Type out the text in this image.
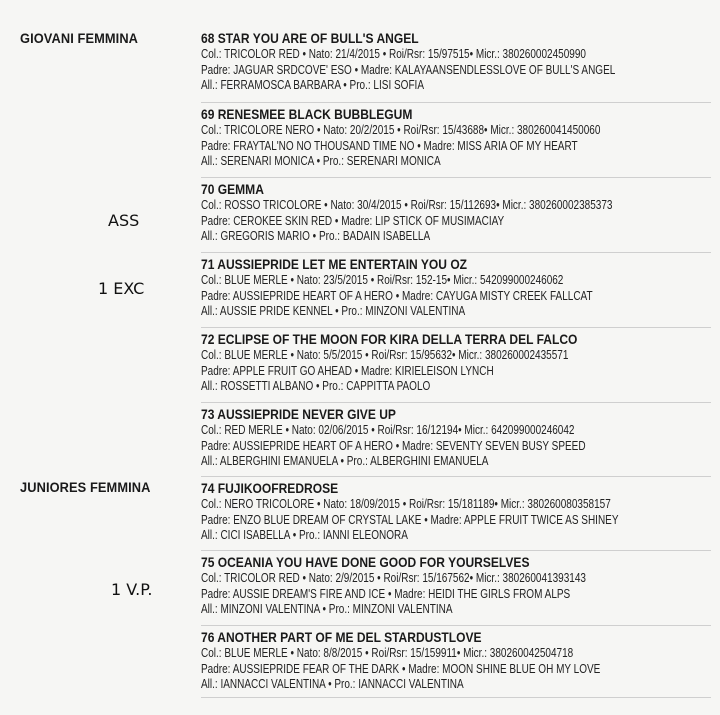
GIOVANI FEMMINA
JUNIORES FEMMINA
ASS
1 EXC
1 V.P.
68 STAR YOU ARE OF BULL'S ANGEL
Col.: TRICOLOR RED • Nato: 21/4/2015 • Roi/Rsr: 15/97515• Micr.: 380260002450990
Padre: JAGUAR SRDCOVE' ESO • Madre: KALAYAANSENDLESSLOVE OF BULL'S ANGEL
All.: FERRAMOSCA BARBARA • Pro.: LISI SOFIA
69 RENESMEE BLACK BUBBLEGUM
Col.: TRICOLORE NERO • Nato: 20/2/2015 • Roi/Rsr: 15/43688• Micr.: 380260041450060
Padre: FRAYTAL'NO NO THOUSAND TIME NO • Madre: MISS ARIA OF MY HEART
All.: SERENARI MONICA • Pro.: SERENARI MONICA
70 GEMMA
Col.: ROSSO TRICOLORE • Nato: 30/4/2015 • Roi/Rsr: 15/112693• Micr.: 380260002385373
Padre: CEROKEE SKIN RED • Madre: LIP STICK OF MUSIMACIAY
All.: GREGORIS MARIO • Pro.: BADAIN ISABELLA
71 AUSSIEPRIDE LET ME ENTERTAIN YOU OZ
Col.: BLUE MERLE • Nato: 23/5/2015 • Roi/Rsr: 152-15• Micr.: 542099000246062
Padre: AUSSIEPRIDE HEART OF A HERO • Madre: CAYUGA MISTY CREEK FALLCAT
All.: AUSSIE PRIDE KENNEL • Pro.: MINZONI VALENTINA
72 ECLIPSE OF THE MOON FOR KIRA DELLA TERRA DEL FALCO
Col.: BLUE MERLE • Nato: 5/5/2015 • Roi/Rsr: 15/95632• Micr.: 380260002435571
Padre: APPLE FRUIT GO AHEAD • Madre: KIRIELEISON LYNCH
All.: ROSSETTI ALBANO • Pro.: CAPPITTA PAOLO
73 AUSSIEPRIDE NEVER GIVE UP
Col.: RED MERLE • Nato: 02/06/2015 • Roi/Rsr: 16/12194• Micr.: 642099000246042
Padre: AUSSIEPRIDE HEART OF A HERO • Madre: SEVENTY SEVEN BUSY SPEED
All.: ALBERGHINI EMANUELA • Pro.: ALBERGHINI EMANUELA
74 FUJIKOOFREDROSE
Col.: NERO TRICOLORE • Nato: 18/09/2015 • Roi/Rsr: 15/181189• Micr.: 380260080358157
Padre: ENZO BLUE DREAM OF CRYSTAL LAKE • Madre: APPLE FRUIT TWICE AS SHINEY
All.: CICI ISABELLA • Pro.: IANNI ELEONORA
75 OCEANIA YOU HAVE DONE GOOD FOR YOURSELVES
Col.: TRICOLOR RED • Nato: 2/9/2015 • Roi/Rsr: 15/167562• Micr.: 380260041393143
Padre: AUSSIE DREAM'S FIRE AND ICE • Madre: HEIDI THE GIRLS FROM ALPS
All.: MINZONI VALENTINA • Pro.: MINZONI VALENTINA
76 ANOTHER PART OF ME DEL STARDUSTLOVE
Col.: BLUE MERLE • Nato: 8/8/2015 • Roi/Rsr: 15/159911• Micr.: 380260042504718
Padre: AUSSIEPRIDE FEAR OF THE DARK • Madre: MOON SHINE BLUE OH MY LOVE
All.: IANNACCI VALENTINA • Pro.: IANNACCI VALENTINA
